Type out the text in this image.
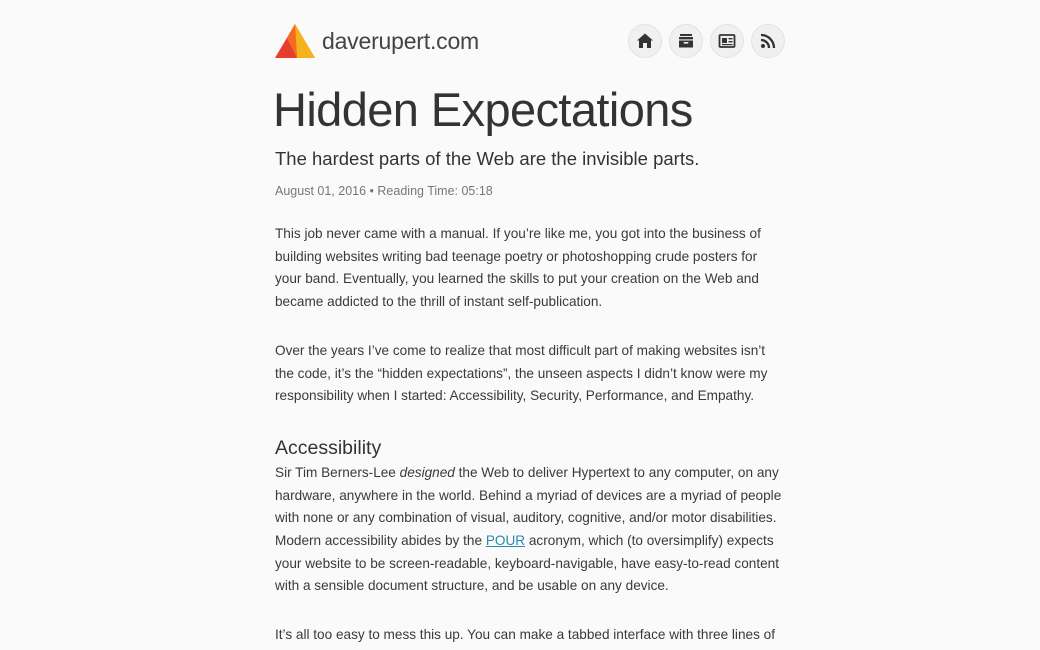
daverupert.com
Hidden Expectations
The hardest parts of the Web are the invisible parts.
August 01, 2016 • Reading Time: 05:18

This job never came with a manual. If you’re like me, you got into the business of building websites writing bad teenage poetry or photoshopping crude posters for your band. Eventually, you learned the skills to put your creation on the Web and became addicted to the thrill of instant self-publication.

Over the years I’ve come to realize that most difficult part of making websites isn’t the code, it’s the “hidden expectations”, the unseen aspects I didn’t know were my responsibility when I started: Accessibility, Security, Performance, and Empathy.

Accessibility

Sir Tim Berners-Lee designed the Web to deliver Hypertext to any computer, on any hardware, anywhere in the world. Behind a myriad of devices are a myriad of people with none or any combination of visual, auditory, cognitive, and/or motor disabilities. Modern accessibility abides by the POUR acronym, which (to oversimplify) expects your website to be screen-readable, keyboard-navigable, have easy-to-read content with a sensible document structure, and be usable on any device.

It’s all too easy to mess this up. You can make a tabbed interface with three lines of
